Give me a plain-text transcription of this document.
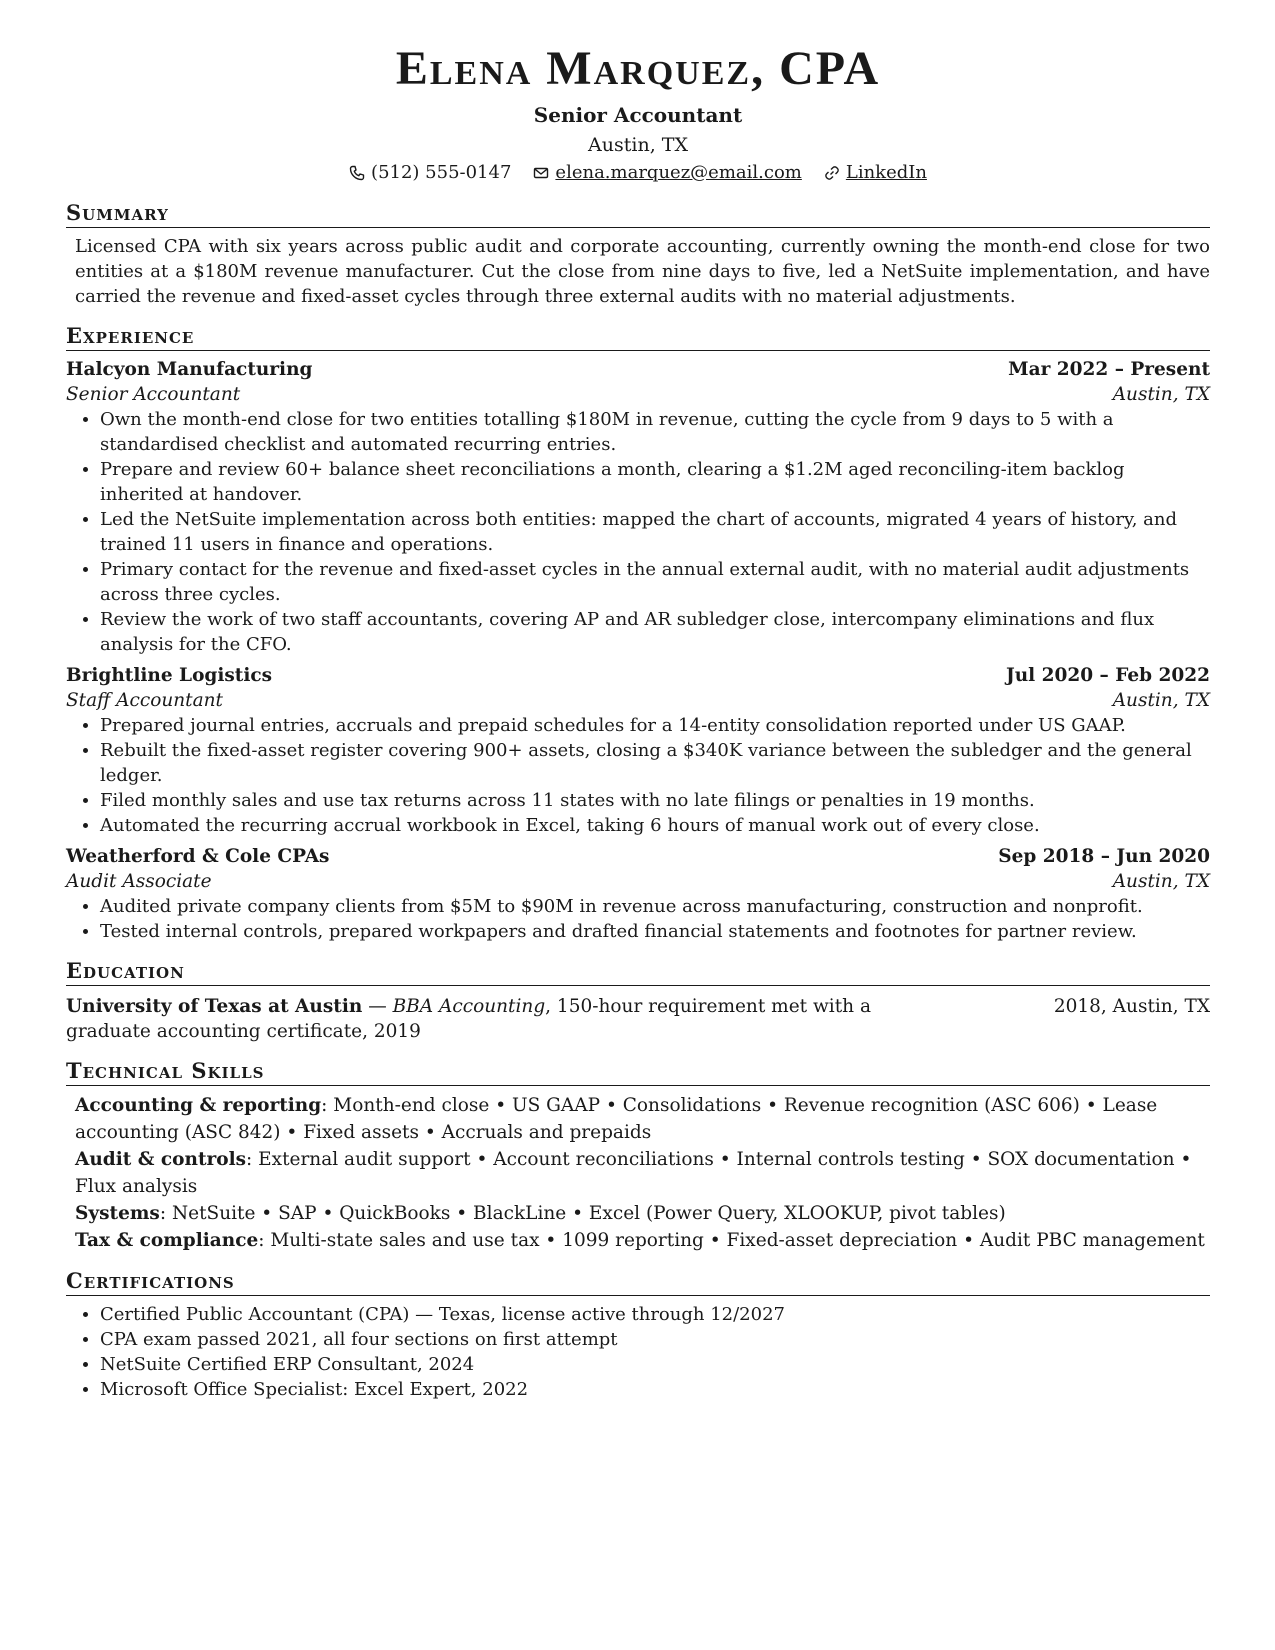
Elena Marquez, CPA
Senior Accountant
Austin, TX
(512) 555-0147 elena.marquez@email.com LinkedIn
Summary
Licensed CPA with six years across public audit and corporate accounting, currently owning the month-end close for two entities at a $180M revenue manufacturer. Cut the close from nine days to five, led a NetSuite implementation, and have carried the revenue and fixed-asset cycles through three external audits with no material adjustments.
Experience
Halcyon Manufacturing	Mar 2022 – Present
Senior Accountant	Austin, TX
• Own the month-end close for two entities totalling $180M in revenue, cutting the cycle from 9 days to 5 with a standardised checklist and automated recurring entries.
• Prepare and review 60+ balance sheet reconciliations a month, clearing a $1.2M aged reconciling-item backlog inherited at handover.
• Led the NetSuite implementation across both entities: mapped the chart of accounts, migrated 4 years of history, and trained 11 users in finance and operations.
• Primary contact for the revenue and fixed-asset cycles in the annual external audit, with no material audit adjustments across three cycles.
• Review the work of two staff accountants, covering AP and AR subledger close, intercompany eliminations and flux analysis for the CFO.
Brightline Logistics	Jul 2020 – Feb 2022
Staff Accountant	Austin, TX
• Prepared journal entries, accruals and prepaid schedules for a 14-entity consolidation reported under US GAAP.
• Rebuilt the fixed-asset register covering 900+ assets, closing a $340K variance between the subledger and the general ledger.
• Filed monthly sales and use tax returns across 11 states with no late filings or penalties in 19 months.
• Automated the recurring accrual workbook in Excel, taking 6 hours of manual work out of every close.
Weatherford & Cole CPAs	Sep 2018 – Jun 2020
Audit Associate	Austin, TX
• Audited private company clients from $5M to $90M in revenue across manufacturing, construction and nonprofit.
• Tested internal controls, prepared workpapers and drafted financial statements and footnotes for partner review.
Education
University of Texas at Austin — BBA Accounting, 150-hour requirement met with a graduate accounting certificate, 2019
2018, Austin, TX
Technical Skills
Accounting & reporting: Month-end close • US GAAP • Consolidations • Revenue recognition (ASC 606) • Lease accounting (ASC 842) • Fixed assets • Accruals and prepaids
Audit & controls: External audit support • Account reconciliations • Internal controls testing • SOX documentation • Flux analysis
Systems: NetSuite • SAP • QuickBooks • BlackLine • Excel (Power Query, XLOOKUP, pivot tables)
Tax & compliance: Multi-state sales and use tax • 1099 reporting • Fixed-asset depreciation • Audit PBC management
Certifications
• Certified Public Accountant (CPA) — Texas, license active through 12/2027
• CPA exam passed 2021, all four sections on first attempt
• NetSuite Certified ERP Consultant, 2024
• Microsoft Office Specialist: Excel Expert, 2022
